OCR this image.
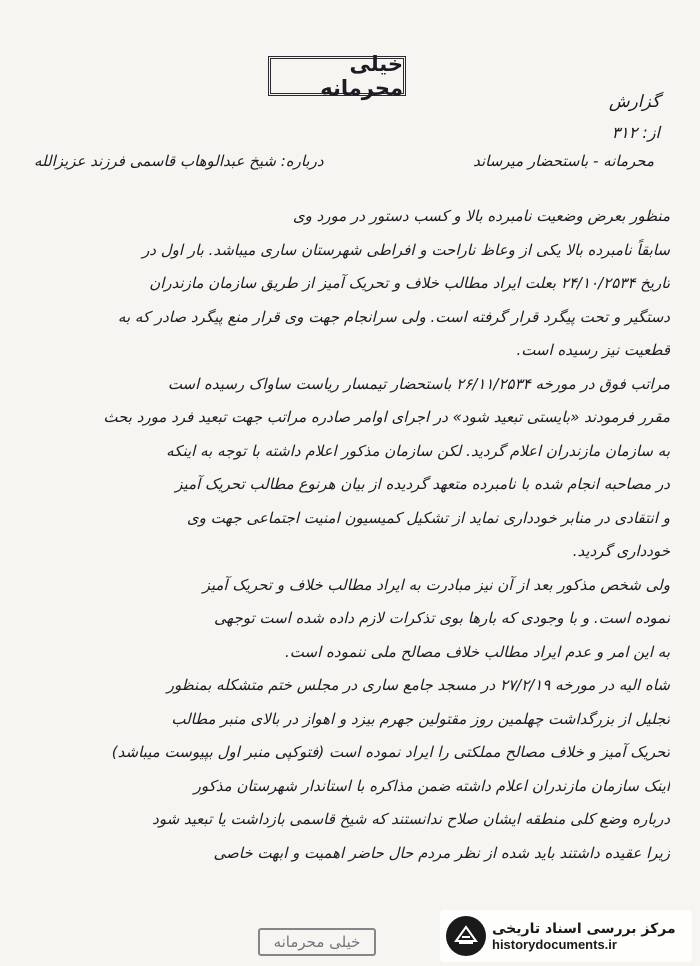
خیلی محرمانه
گزارش
از: ۳۱۲
محرمانه - باستحضار میرساند
درباره: شیخ عبدالوهاب قاسمی فرزند عزیزالله
منظور بعرض وضعیت نامبرده بالا و کسب دستور در مورد وی
سابقاً نامبرده بالا یکی از وعاظ ناراحت و افراطی شهرستان ساری میباشد. بار اول در
تاریخ ۲۴/۱۰/۲۵۳۴ بعلت ایراد مطالب خلاف و تحریک آمیز از طریق سازمان مازندران
دستگیر و تحت پیگرد قرار گرفته است. ولی سرانجام جهت وی قرار منع پیگرد صادر که به
قطعیت نیز رسیده است.
مراتب فوق در مورخه ۲۶/۱۱/۲۵۳۴ باستحضار تیمسار ریاست ساواک رسیده است
مقرر فرمودند «بایستی تبعید شود» در اجرای اوامر صادره مراتب جهت تبعید فرد مورد بحث
به سازمان مازندران اعلام گردید. لکن سازمان مذکور اعلام داشته با توجه به اینکه
در مصاحبه انجام شده با نامبرده متعهد گردیده از بیان هرنوع مطالب تحریک آمیز
و انتقادی در منابر خودداری نماید از تشکیل کمیسیون امنیت اجتماعی جهت وی
خودداری گردید.
ولی شخص مذکور بعد از آن نیز مبادرت به ایراد مطالب خلاف و تحریک آمیز
نموده است. و با وجودی که بارها بوی تذکرات لازم داده شده است توجهی
به این امر و عدم ایراد مطالب خلاف مصالح ملی ننموده است.
شاه الیه در مورخه ۲۷/۲/۱۹ در مسجد جامع ساری در مجلس ختم متشکله بمنظور
تجلیل از بزرگداشت چهلمین روز مقتولین جهرم بیزد و اهواز در بالای منبر مطالب
تحریک آمیز و خلاف مصالح مملکتی را ایراد نموده است (فتوکپی منبر اول بپیوست میباشد)
اینک سازمان مازندران اعلام داشته ضمن مذاکره با استاندار شهرستان مذکور
درباره وضع کلی منطقه ایشان صلاح ندانستند که شیخ قاسمی بازداشت یا تبعید شود
زیرا عقیده داشتند باید شده از نظر مردم حال حاضر اهمیت و ابهت خاصی
خیلی محرمانه
مرکز بررسی اسناد تاریخی
historydocuments.ir
